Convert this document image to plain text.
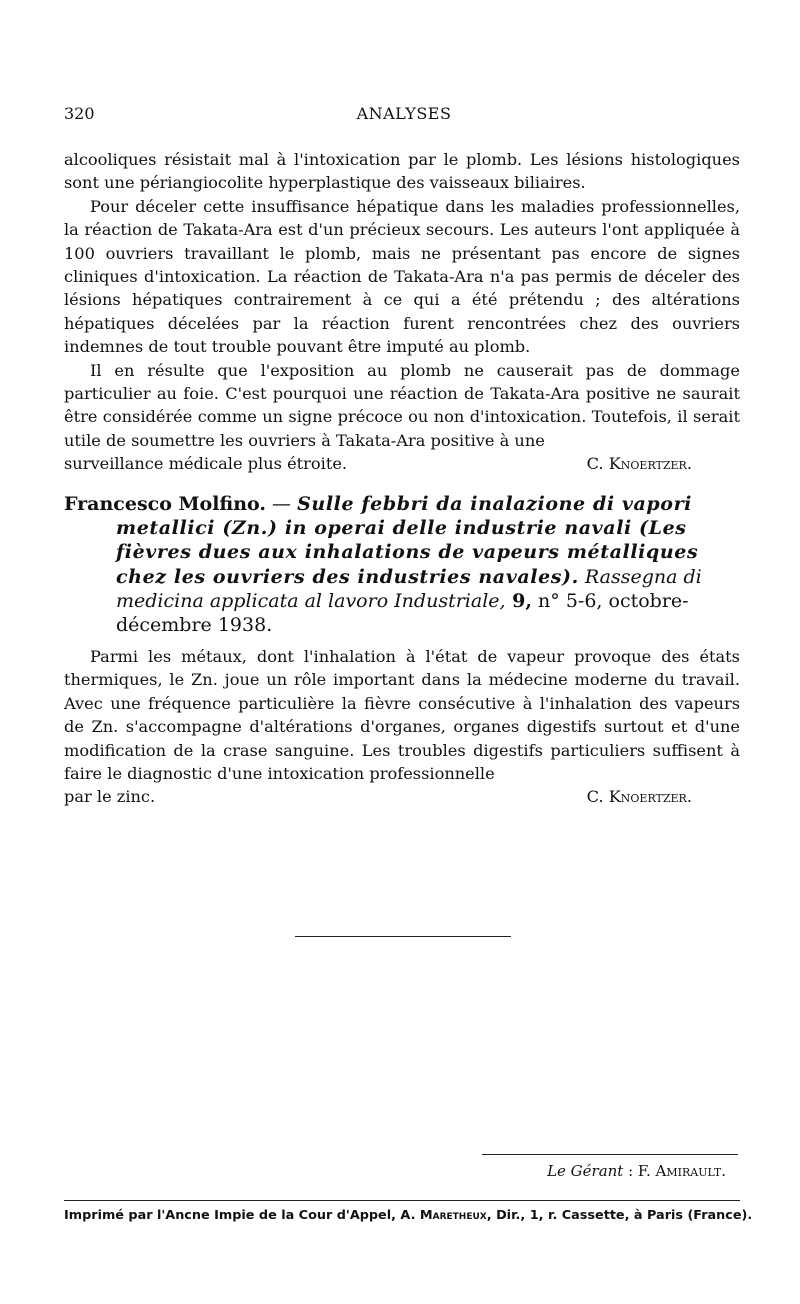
320	ANALYSES

alcooliques résistait mal à l'intoxication par le plomb. Les lésions histologiques sont une périangiocolite hyperplastique des vaisseaux biliaires.

Pour déceler cette insuffisance hépatique dans les maladies professionnelles, la réaction de Takata-Ara est d'un précieux secours. Les auteurs l'ont appliquée à 100 ouvriers travaillant le plomb, mais ne présentant pas encore de signes cliniques d'intoxication. La réaction de Takata-Ara n'a pas permis de déceler des lésions hépatiques contrairement à ce qui a été prétendu ; des altérations hépatiques décelées par la réaction furent rencontrées chez des ouvriers indemnes de tout trouble pouvant être imputé au plomb.

Il en résulte que l'exposition au plomb ne causerait pas de dommage particulier au foie. C'est pourquoi une réaction de Takata-Ara positive ne saurait être considérée comme un signe précoce ou non d'intoxication. Toutefois, il serait utile de soumettre les ouvriers à Takata-Ara positive à une

surveillance médicale plus étroite.	C. Knoertzer.

Francesco Molfino. — Sulle febbri da inalazione di vapori metallici (Zn.) in operai delle industrie navali (Les fièvres dues aux inhalations de vapeurs métalliques chez les ouvriers des industries navales). Rassegna di medicina applicata al lavoro Industriale, 9, n° 5-6, octobre-décembre 1938.

Parmi les métaux, dont l'inhalation à l'état de vapeur provoque des états thermiques, le Zn. joue un rôle important dans la médecine moderne du travail. Avec une fréquence particulière la fièvre consécutive à l'inhalation des vapeurs de Zn. s'accompagne d'altérations d'organes, organes digestifs surtout et d'une modification de la crase sanguine. Les troubles digestifs particuliers suffisent à faire le diagnostic d'une intoxication professionnelle

par le zinc.	C. Knoertzer.
Le Gérant : F. Amirault.
Imprimé par l'Ancne Impie de la Cour d'Appel, A. Maretheux, Dir., 1, r. Cassette, à Paris (France).
